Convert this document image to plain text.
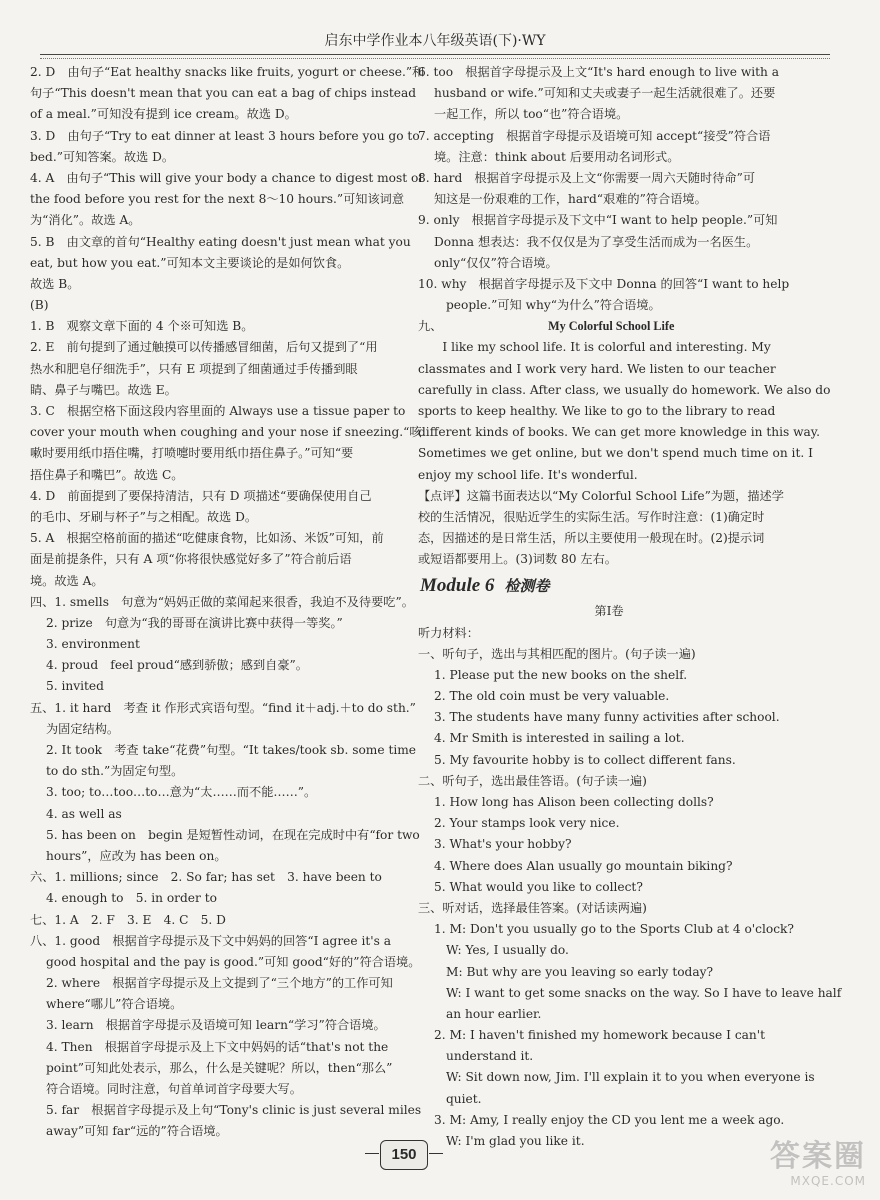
启东中学作业本八年级英语(下)·WY
2. D　由句子“Eat healthy snacks like fruits, yogurt or cheese.”和
句子“This doesn't mean that you can eat a bag of chips instead
of a meal.”可知没有提到 ice cream。故选 D。
3. D　由句子“Try to eat dinner at least 3 hours before you go to
bed.”可知答案。故选 D。
4. A　由句子“This will give your body a chance to digest most of
the food before you rest for the next 8～10 hours.”可知该词意
为“消化”。故选 A。
5. B　由文章的首句“Healthy eating doesn't just mean what you
eat, but how you eat.”可知本文主要谈论的是如何饮食。
故选 B。
(B)
1. B　观察文章下面的 4 个※可知选 B。
2. E　前句提到了通过触摸可以传播感冒细菌，后句又提到了“用
热水和肥皂仔细洗手”，只有 E 项提到了细菌通过手传播到眼
睛、鼻子与嘴巴。故选 E。
3. C　根据空格下面这段内容里面的 Always use a tissue paper to
cover your mouth when coughing and your nose if sneezing.“咳
嗽时要用纸巾捂住嘴，打喷嚏时要用纸巾捂住鼻子。”可知“要
捂住鼻子和嘴巴”。故选 C。
4. D　前面提到了要保持清洁，只有 D 项描述“要确保使用自己
的毛巾、牙刷与杯子”与之相配。故选 D。
5. A　根据空格前面的描述“吃健康食物，比如汤、米饭”可知，前
面是前提条件，只有 A 项“你将很快感觉好多了”符合前后语
境。故选 A。
四、1. smells　句意为“妈妈正做的菜闻起来很香，我迫不及待要吃”。
2. prize　句意为“我的哥哥在演讲比赛中获得一等奖。”
3. environment
4. proud　feel proud“感到骄傲；感到自豪”。
5. invited
五、1. it hard　考查 it 作形式宾语句型。“find it＋adj.＋to do sth.”
为固定结构。
2. It took　考查 take“花费”句型。“It takes/took sb. some time
to do sth.”为固定句型。
3. too; to…too…to…意为“太……而不能……”。
4. as well as
5. has been on　begin 是短暂性动词，在现在完成时中有“for two
hours”，应改为 has been on。
六、1. millions; since　2. So far; has set　3. have been to
4. enough to　5. in order to
七、1. A　2. F　3. E　4. C　5. D
八、1. good　根据首字母提示及下文中妈妈的回答“I agree it's a
good hospital and the pay is good.”可知 good“好的”符合语境。
2. where　根据首字母提示及上文提到了“三个地方”的工作可知
where“哪儿”符合语境。
3. learn　根据首字母提示及语境可知 learn“学习”符合语境。
4. Then　根据首字母提示及上下文中妈妈的话“that's not the
point”可知此处表示，那么，什么是关键呢？所以，then“那么”
符合语境。同时注意，句首单词首字母要大写。
5. far　根据首字母提示及上句“Tony's clinic is just several miles
away”可知 far“远的”符合语境。
6. too　根据首字母提示及上文“It's hard enough to live with a
husband or wife.”可知和丈夫或妻子一起生活就很难了。还要
一起工作，所以 too“也”符合语境。
7. accepting　根据首字母提示及语境可知 accept“接受”符合语
境。注意：think about 后要用动名词形式。
8. hard　根据首字母提示及上文“你需要一周六天随时待命”可
知这是一份艰难的工作，hard“艰难的”符合语境。
9. only　根据首字母提示及下文中“I want to help people.”可知
Donna 想表达：我不仅仅是为了享受生活而成为一名医生。
only“仅仅”符合语境。
10. why　根据首字母提示及下文中 Donna 的回答“I want to help
people.”可知 why“为什么”符合语境。
九、	My Colorful School Life
　　I like my school life. It is colorful and interesting. My
classmates and I work very hard. We listen to our teacher
carefully in class. After class, we usually do homework. We also do
sports to keep healthy. We like to go to the library to read
different kinds of books. We can get more knowledge in this way.
Sometimes we get online, but we don't spend much time on it. I
enjoy my school life. It's wonderful.
【点评】这篇书面表达以“My Colorful School Life”为题，描述学
校的生活情况，很贴近学生的实际生活。写作时注意：(1)确定时
态，因描述的是日常生活，所以主要使用一般现在时。(2)提示词
或短语都要用上。(3)词数 80 左右。
Module 6 检测卷
第Ⅰ卷
听力材料：
一、听句子，选出与其相匹配的图片。(句子读一遍)
1. Please put the new books on the shelf.
2. The old coin must be very valuable.
3. The students have many funny activities after school.
4. Mr Smith is interested in sailing a lot.
5. My favourite hobby is to collect different fans.
二、听句子，选出最佳答语。(句子读一遍)
1. How long has Alison been collecting dolls?
2. Your stamps look very nice.
3. What's your hobby?
4. Where does Alan usually go mountain biking?
5. What would you like to collect?
三、听对话，选择最佳答案。(对话读两遍)
1. M: Don't you usually go to the Sports Club at 4 o'clock?
W: Yes, I usually do.
M: But why are you leaving so early today?
W: I want to get some snacks on the way. So I have to leave half
an hour earlier.
2. M: I haven't finished my homework because I can't
understand it.
W: Sit down now, Jim. I'll explain it to you when everyone is
quiet.
3. M: Amy, I really enjoy the CD you lent me a week ago.
W: I'm glad you like it.
150	答案圈
MXQE.COM
